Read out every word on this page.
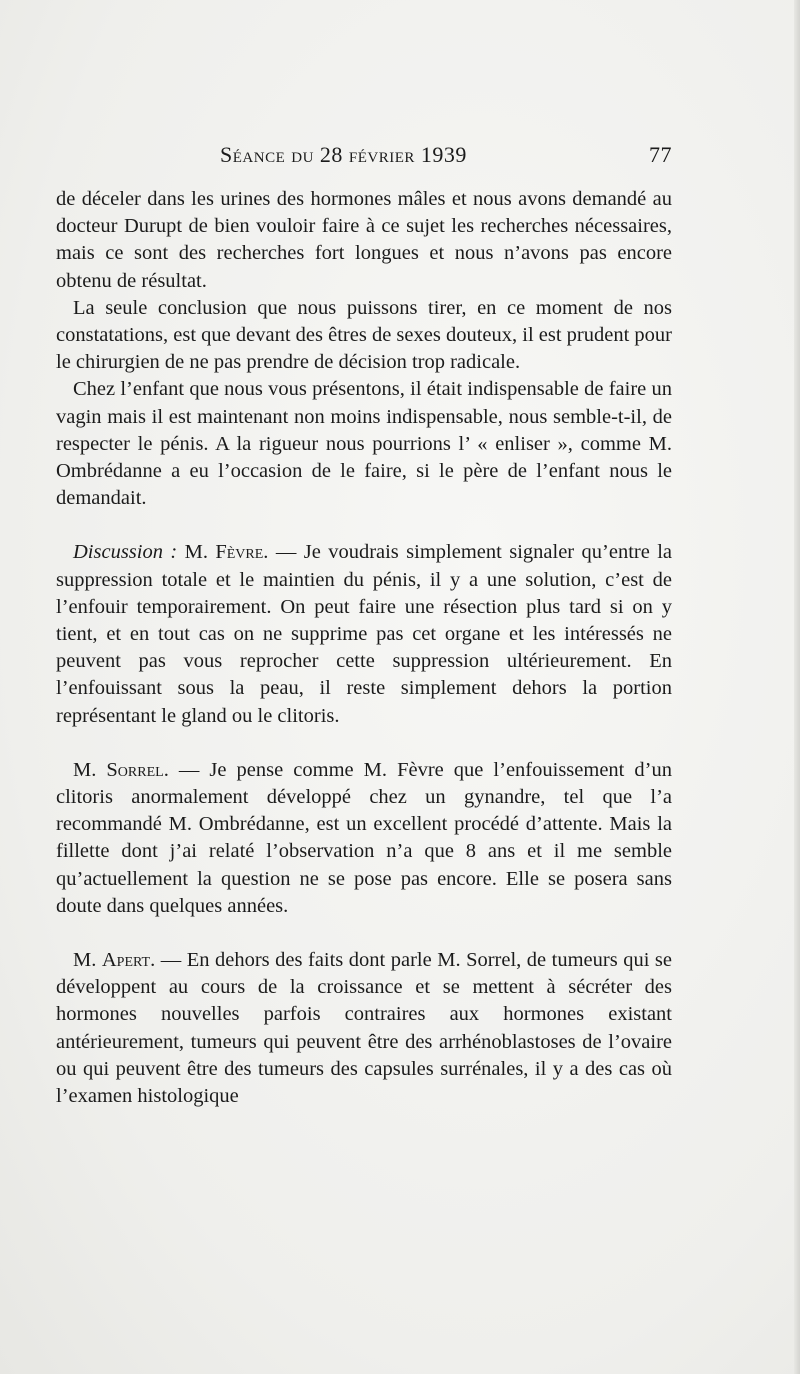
Séance du 28 février 1939	77

de déceler dans les urines des hormones mâles et nous avons demandé au docteur Durupt de bien vouloir faire à ce sujet les recherches nécessaires, mais ce sont des recherches fort longues et nous n’avons pas encore obtenu de résultat.

La seule conclusion que nous puissons tirer, en ce moment de nos constatations, est que devant des êtres de sexes douteux, il est prudent pour le chirurgien de ne pas prendre de décision trop radicale.

Chez l’enfant que nous vous présentons, il était indispensable de faire un vagin mais il est maintenant non moins indispensable, nous semble-t-il, de respecter le pénis. A la rigueur nous pourrions l’ « enliser », comme M. Ombrédanne a eu l’occasion de le faire, si le père de l’enfant nous le demandait.

Discussion : M. Fèvre. — Je voudrais simplement signaler qu’entre la suppression totale et le maintien du pénis, il y a une solution, c’est de l’enfouir temporairement. On peut faire une résection plus tard si on y tient, et en tout cas on ne supprime pas cet organe et les intéressés ne peuvent pas vous reprocher cette suppression ultérieurement. En l’enfouissant sous la peau, il reste simplement dehors la portion représentant le gland ou le clitoris.

M. Sorrel. — Je pense comme M. Fèvre que l’enfouissement d’un clitoris anormalement développé chez un gynandre, tel que l’a recommandé M. Ombrédanne, est un excellent procédé d’attente. Mais la fillette dont j’ai relaté l’observation n’a que 8 ans et il me semble qu’actuellement la question ne se pose pas encore. Elle se posera sans doute dans quelques années.

M. Apert. — En dehors des faits dont parle M. Sorrel, de tumeurs qui se développent au cours de la croissance et se mettent à sécréter des hormones nouvelles parfois contraires aux hormones existant antérieurement, tumeurs qui peuvent être des arrhénoblastoses de l’ovaire ou qui peuvent être des tumeurs des capsules surrénales, il y a des cas où l’examen histologique
